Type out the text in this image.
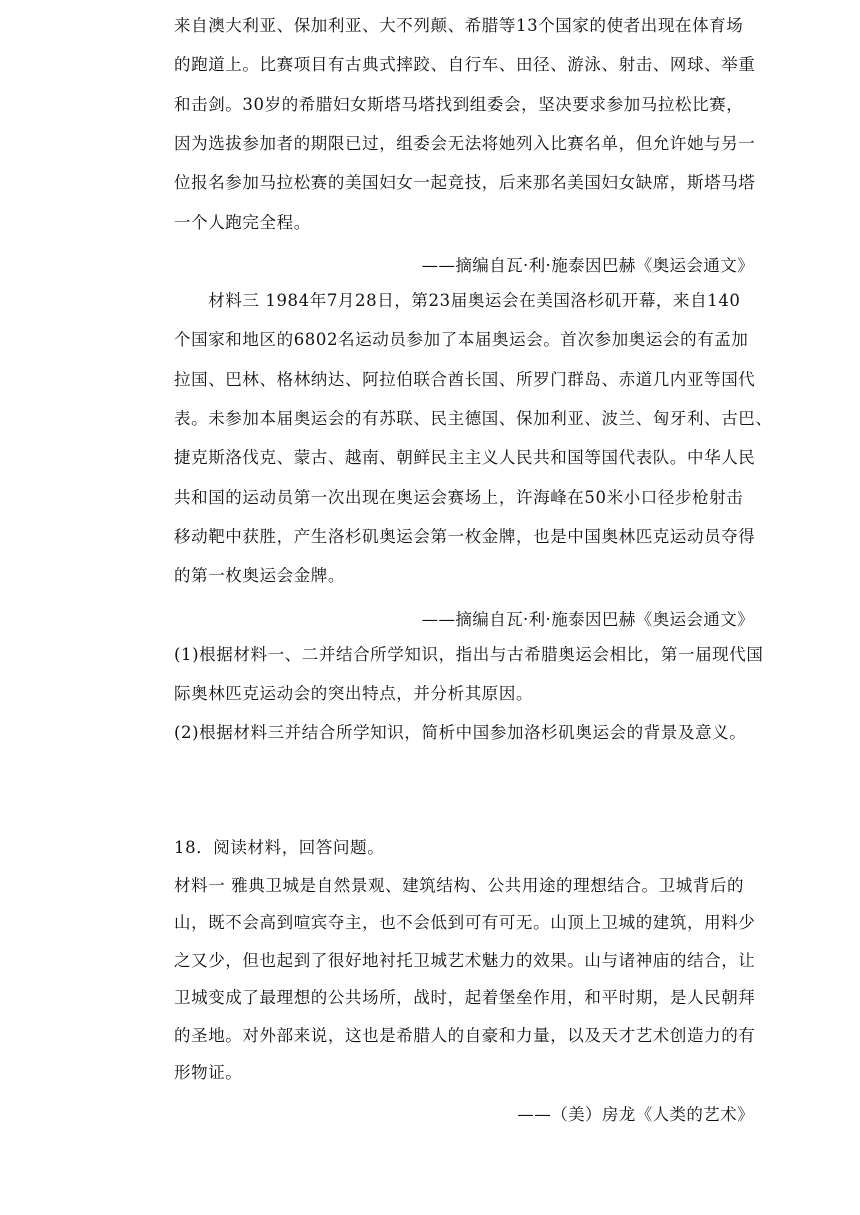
来自澳大利亚、保加利亚、大不列颠、希腊等13个国家的使者出现在体育场
的跑道上。比赛项目有古典式摔跤、自行车、田径、游泳、射击、网球、举重
和击剑。30岁的希腊妇女斯塔马塔找到组委会，坚决要求参加马拉松比赛，
因为选拔参加者的期限已过，组委会无法将她列入比赛名单，但允许她与另一
位报名参加马拉松赛的美国妇女一起竞技，后来那名美国妇女缺席，斯塔马塔
一个人跑完全程。
——摘编自瓦·利·施泰因巴赫《奥运会通文》
　　材料三 1984年7月28日，第23届奥运会在美国洛杉矶开幕，来自140
个国家和地区的6802名运动员参加了本届奥运会。首次参加奥运会的有孟加
拉国、巴林、格林纳达、阿拉伯联合酋长国、所罗门群岛、赤道几内亚等国代
表。未参加本届奥运会的有苏联、民主德国、保加利亚、波兰、匈牙利、古巴、
捷克斯洛伐克、蒙古、越南、朝鲜民主主义人民共和国等国代表队。中华人民
共和国的运动员第一次出现在奥运会赛场上，许海峰在50米小口径步枪射击
移动靶中获胜，产生洛杉矶奥运会第一枚金牌，也是中国奥林匹克运动员夺得
的第一枚奥运会金牌。
——摘编自瓦·利·施泰因巴赫《奥运会通文》
(1)根据材料一、二并结合所学知识，指出与古希腊奥运会相比，第一届现代国
际奥林匹克运动会的突出特点，并分析其原因。
(2)根据材料三并结合所学知识，简析中国参加洛杉矶奥运会的背景及意义。
18．阅读材料，回答问题。
材料一 雅典卫城是自然景观、建筑结构、公共用途的理想结合。卫城背后的
山，既不会高到喧宾夺主，也不会低到可有可无。山顶上卫城的建筑，用料少
之又少，但也起到了很好地衬托卫城艺术魅力的效果。山与诸神庙的结合，让
卫城变成了最理想的公共场所，战时，起着堡垒作用，和平时期，是人民朝拜
的圣地。对外部来说，这也是希腊人的自豪和力量，以及天才艺术创造力的有
形物证。
——（美）房龙《人类的艺术》
